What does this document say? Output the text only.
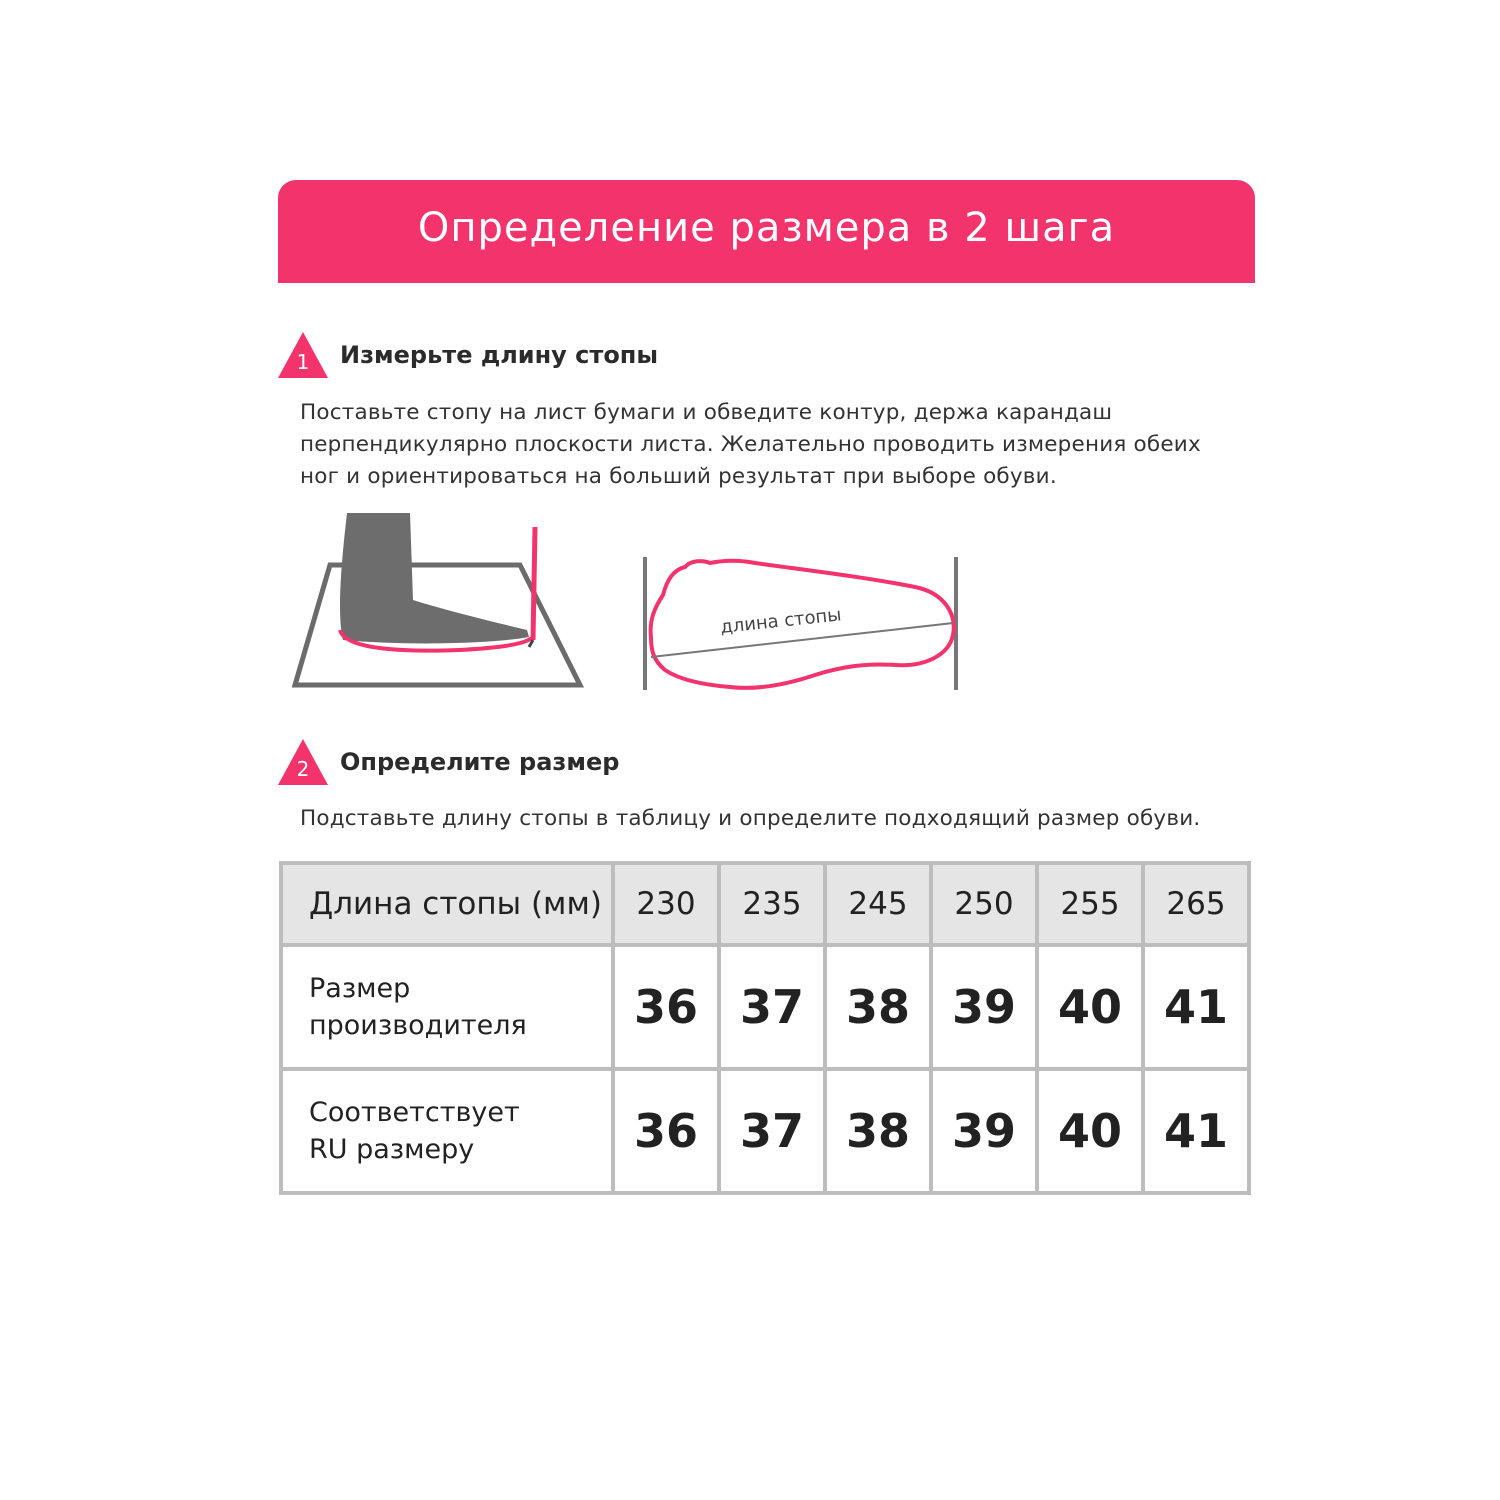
Определение размера в 2 шага
1	Измерьте длину стопы
Поставьте стопу на лист бумаги и обведите контур, держа карандаш
перпендикулярно плоскости листа. Желательно проводить измерения обеих
ног и ориентироваться на больший результат при выборе обуви.
длина стопы
2	Определите размер
Подставьте длину стопы в таблицу и определите подходящий размер обуви.
Длина стопы (мм)	230	235	245	250	255	265

Размер
производителя	36	37	38	39	40	41

Соответствует
RU размеру	36	37	38	39	40	41
